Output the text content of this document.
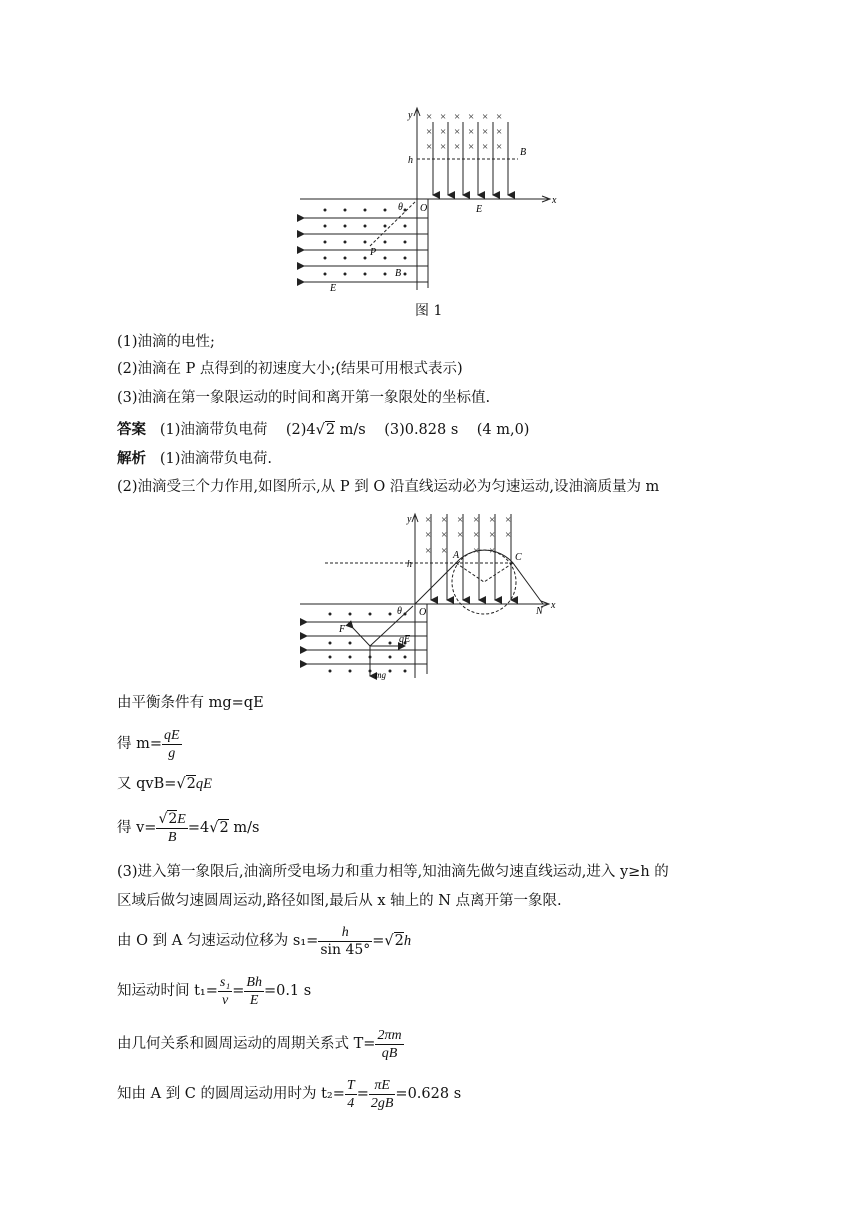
× × × × × ×
× × × × × ×
× × × × × ×
y
x
h
B
O	E
θ
P
B
E
图 1
(1)油滴的电性;
(2)油滴在 P 点得到的初速度大小;(结果可用根式表示)
(3)油滴在第一象限运动的时间和离开第一象限处的坐标值.
答案 (1)油滴带负电荷 (2)4√2 m/s (3)0.828 s (4 m,0)
解析 (1)油滴带负电荷.
(2)油滴受三个力作用,如图所示,从 P 到 O 沿直线运动必为匀速运动,设油滴质量为 m
× × × × × ×
× × × × × ×
× × × ×
y
x
h
O
θ
A	C
N
F
qE
mg
由平衡条件有 mg=qE
得 $m= \frac{qE}{g}$
又 qvB=√2qE
得 $v= \frac{√2E}{B} =4√2$ m/s
(3)进入第一象限后,油滴所受电场力和重力相等,知油滴先做匀速直线运动,进入 y≥h 的
区域后做匀速圆周运动,路径如图,最后从 x 轴上的 N 点离开第一象限.
由 O 到 A 匀速运动位移为 $s_1= \frac{h}{\sin 45^\circ} =√2h$
知运动时间 $t_1= \frac{\text{s₁}}{v} = \frac{Bh}{E} =0.1$ s
由几何关系和圆周运动的周期关系式 $T= \frac{2\pi m}{qB}$
知由 A 到 C 的圆周运动用时为 $t_2= \frac{T}{4} = \frac{\pi E}{2gB} =0.628$ s
